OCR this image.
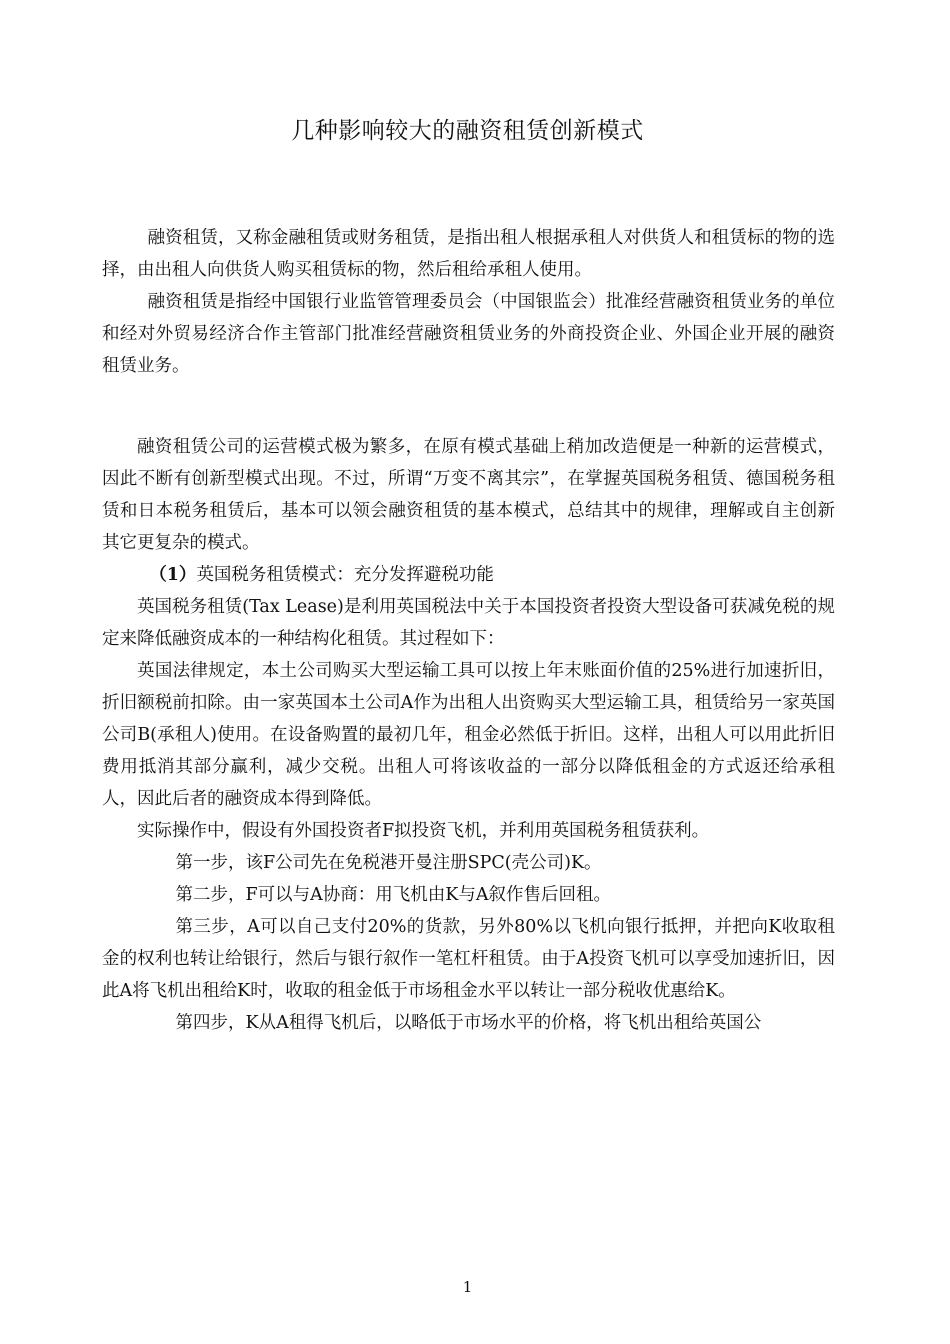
几种影响较大的融资租赁创新模式

融资租赁，又称金融租赁或财务租赁，是指出租人根据承租人对供货人和租赁标的物的选择，由出租人向供货人购买租赁标的物，然后租给承租人使用。

融资租赁是指经中国银行业监管管理委员会（中国银监会）批准经营融资租赁业务的单位和经对外贸易经济合作主管部门批准经营融资租赁业务的外商投资企业、外国企业开展的融资租赁业务。

融资租赁公司的运营模式极为繁多，在原有模式基础上稍加改造便是一种新的运营模式，因此不断有创新型模式出现。不过，所谓“万变不离其宗”，在掌握英国税务租赁、德国税务租赁和日本税务租赁后，基本可以领会融资租赁的基本模式，总结其中的规律，理解或自主创新其它更复杂的模式。

（1）英国税务租赁模式：充分发挥避税功能

英国税务租赁(Tax Lease)是利用英国税法中关于本国投资者投资大型设备可获减免税的规定来降低融资成本的一种结构化租赁。其过程如下：

英国法律规定，本土公司购买大型运输工具可以按上年末账面价值的25%进行加速折旧，折旧额税前扣除。由一家英国本土公司A作为出租人出资购买大型运输工具，租赁给另一家英国公司B(承租人)使用。在设备购置的最初几年，租金必然低于折旧。这样，出租人可以用此折旧费用抵消其部分赢利，减少交税。出租人可将该收益的一部分以降低租金的方式返还给承租人，因此后者的融资成本得到降低。

实际操作中，假设有外国投资者F拟投资飞机，并利用英国税务租赁获利。

第一步，该F公司先在免税港开曼注册SPC(壳公司)K。

第二步，F可以与A协商：用飞机由K与A叙作售后回租。

第三步，A可以自己支付20%的货款，另外80%以飞机向银行抵押，并把向K收取租金的权利也转让给银行，然后与银行叙作一笔杠杆租赁。由于A投资飞机可以享受加速折旧，因此A将飞机出租给K时，收取的租金低于市场租金水平以转让一部分税收优惠给K。

第四步，K从A租得飞机后，以略低于市场水平的价格，将飞机出租给英国公

1
